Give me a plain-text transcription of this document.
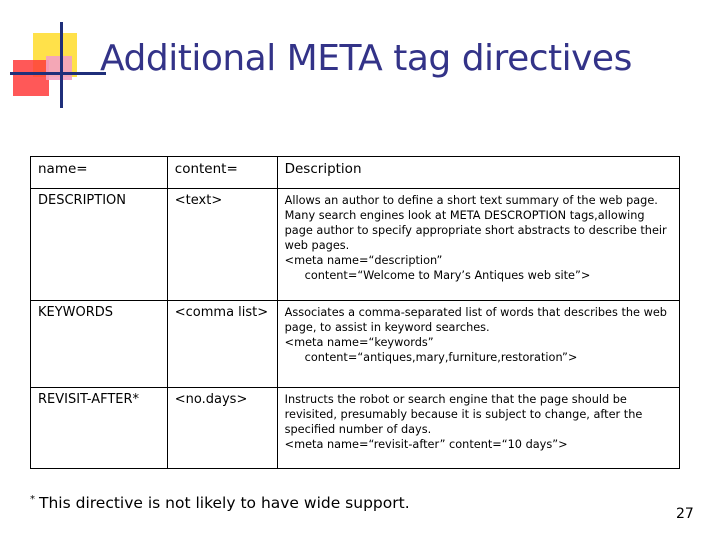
Additional META tag directives
name=	content=	Description
DESCRIPTION	<text>	Allows an author to define a short text summary of the web page. Many search engines look at META DESCROPTION tags,allowing page author to specify appropriate short abstracts to describe their web pages.

<meta name=“description”

content=“Welcome to Mary’s Antiques web site”>

KEYWORDS	<comma list>	Associates a comma-separated list of words that describes the web page, to assist in keyword searches.

<meta name=“keywords”

content=“antiques,mary,furniture,restoration”>

REVISIT-AFTER*	<no.days>	Instructs the robot or search engine that the page should be revisited, presumably because it is subject to change, after the specified number of days.

<meta name=“revisit-after” content=“10 days”>

* This directive is not likely to have wide support.
27
